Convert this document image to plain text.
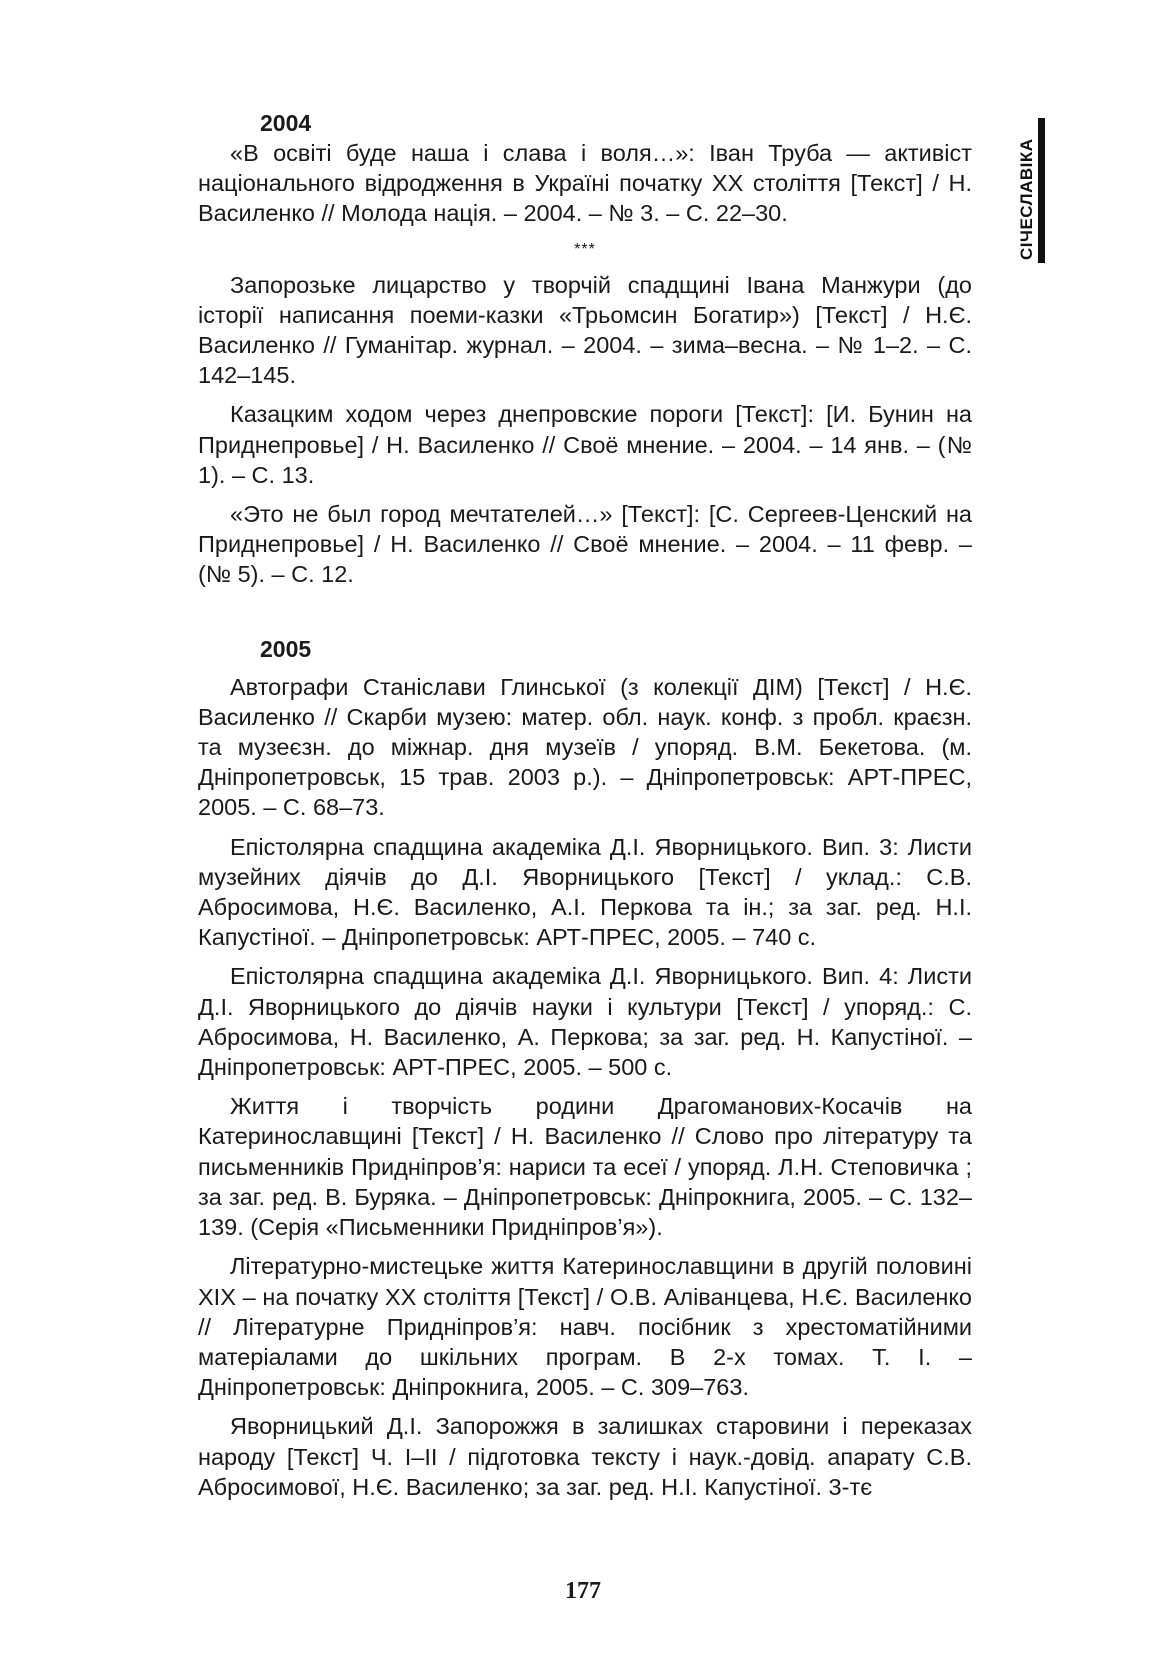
СІЧЕСЛАВІКА
2004

«В освіті буде наша і слава і воля…»: Іван Труба — активіст національного відродження в Україні початку ХХ століття [Текст] / Н. Василенко // Молода нація. – 2004. – № 3. – С. 22–30.

***

Запорозьке лицарство у творчій спадщині Івана Манжури (до історії написання поеми-казки «Трьомсин Богатир») [Текст] / Н.Є. Василенко // Гуманітар. журнал. – 2004. – зима–весна. – № 1–2. – С. 142–145.

Казацким ходом через днепровские пороги [Текст]: [И. Бунин на Приднепровье] / Н. Василенко // Своё мнение. – 2004. – 14 янв. – (№ 1). – С. 13.

«Это не был город мечтателей…» [Текст]: [С. Сергеев-Ценский на Приднепровье] / Н. Василенко // Своё мнение. – 2004. – 11 февр. – (№ 5). – С. 12.

2005

Автографи Станіслави Глинської (з колекції ДІМ) [Текст] / Н.Є. Василенко // Скарби музею: матер. обл. наук. конф. з пробл. краєзн. та музеєзн. до міжнар. дня музеїв / упоряд. В.М. Бекетова. (м. Дніпропетровськ, 15 трав. 2003 р.). – Дніпропетровськ: АРТ-ПРЕС, 2005. – С. 68–73.

Епістолярна спадщина академіка Д.І. Яворницького. Вип. 3: Листи музейних діячів до Д.І. Яворницького [Текст] / уклад.: С.В. Абросимова, Н.Є. Василенко, А.І. Перкова та ін.; за заг. ред. Н.І. Капустіної. – Дніпропетровськ: АРТ-ПРЕС, 2005. – 740 с.

Епістолярна спадщина академіка Д.І. Яворницького. Вип. 4: Листи Д.І. Яворницького до діячів науки і культури [Текст] / упоряд.: С. Абросимова, Н. Василенко, А. Перкова; за заг. ред. Н. Капустіної. – Дніпропетровськ: АРТ-ПРЕС, 2005. – 500 с.

Життя і творчість родини Драгоманових-Косачів на Катеринославщині [Текст] / Н. Василенко // Слово про літературу та письменників Придніпров’я: нариси та есеї / упоряд. Л.Н. Степовичка ; за заг. ред. В. Буряка. – Дніпропетровськ: Дніпрокнига, 2005. – С. 132–139. (Серія «Письменники Придніпров’я»).

Літературно-мистецьке життя Катеринославщини в другій половині XIX – на початку XX століття [Текст] / О.В. Аліванцева, Н.Є. Василенко // Літературне Придніпров’я: навч. посібник з хрестоматійними матеріалами до шкільних програм. В 2-х томах. Т. І. – Дніпропетровськ: Дніпрокнига, 2005. – С. 309–763.

Яворницький Д.І. Запорожжя в залишках старовини і переказах народу [Текст] Ч. І–ІІ / підготовка тексту і наук.-довід. апарату С.В. Абросимової, Н.Є. Василенко; за заг. ред. Н.І. Капустіної. 3-тє

177
